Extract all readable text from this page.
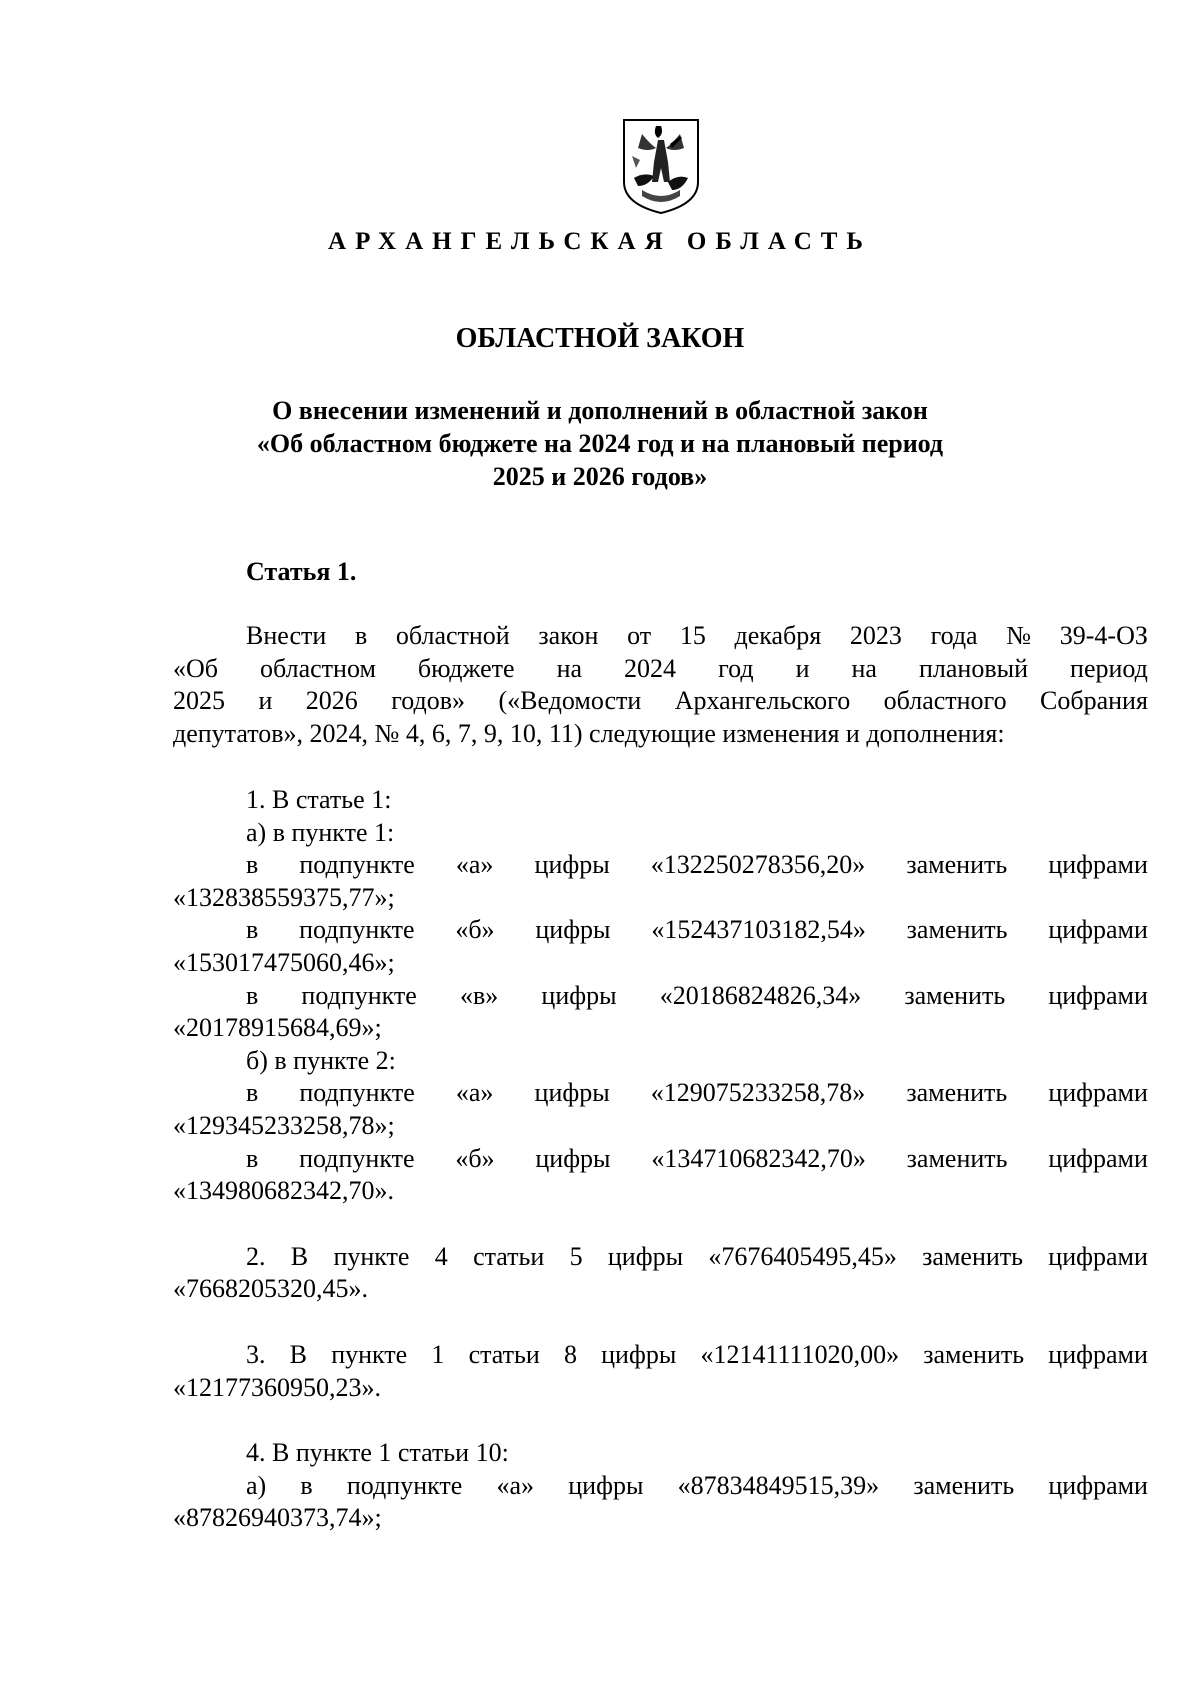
АРХАНГЕЛЬСКАЯ ОБЛАСТЬ
ОБЛАСТНОЙ ЗАКОН
О внесении изменений и дополнений в областной закон
«Об областном бюджете на 2024 год и на плановый период
2025 и 2026 годов»
Статья 1.
Внести в областной закон от 15 декабря 2023 года № 39-4-ОЗ
«Об областном бюджете на 2024 год и на плановый период
2025 и 2026 годов» («Ведомости Архангельского областного Собрания
депутатов», 2024, № 4, 6, 7, 9, 10, 11) следующие изменения и дополнения:
1. В статье 1:
а) в пункте 1:
в подпункте «а» цифры «132250278356,20» заменить цифрами
«132838559375,77»;
в подпункте «б» цифры «152437103182,54» заменить цифрами
«153017475060,46»;
в подпункте «в» цифры «20186824826,34» заменить цифрами
«20178915684,69»;
б) в пункте 2:
в подпункте «а» цифры «129075233258,78» заменить цифрами
«129345233258,78»;
в подпункте «б» цифры «134710682342,70» заменить цифрами
«134980682342,70».
2. В пункте 4 статьи 5 цифры «7676405495,45» заменить цифрами
«7668205320,45».
3. В пункте 1 статьи 8 цифры «12141111020,00» заменить цифрами
«12177360950,23».
4. В пункте 1 статьи 10:
а) в подпункте «а» цифры «87834849515,39» заменить цифрами
«87826940373,74»;
